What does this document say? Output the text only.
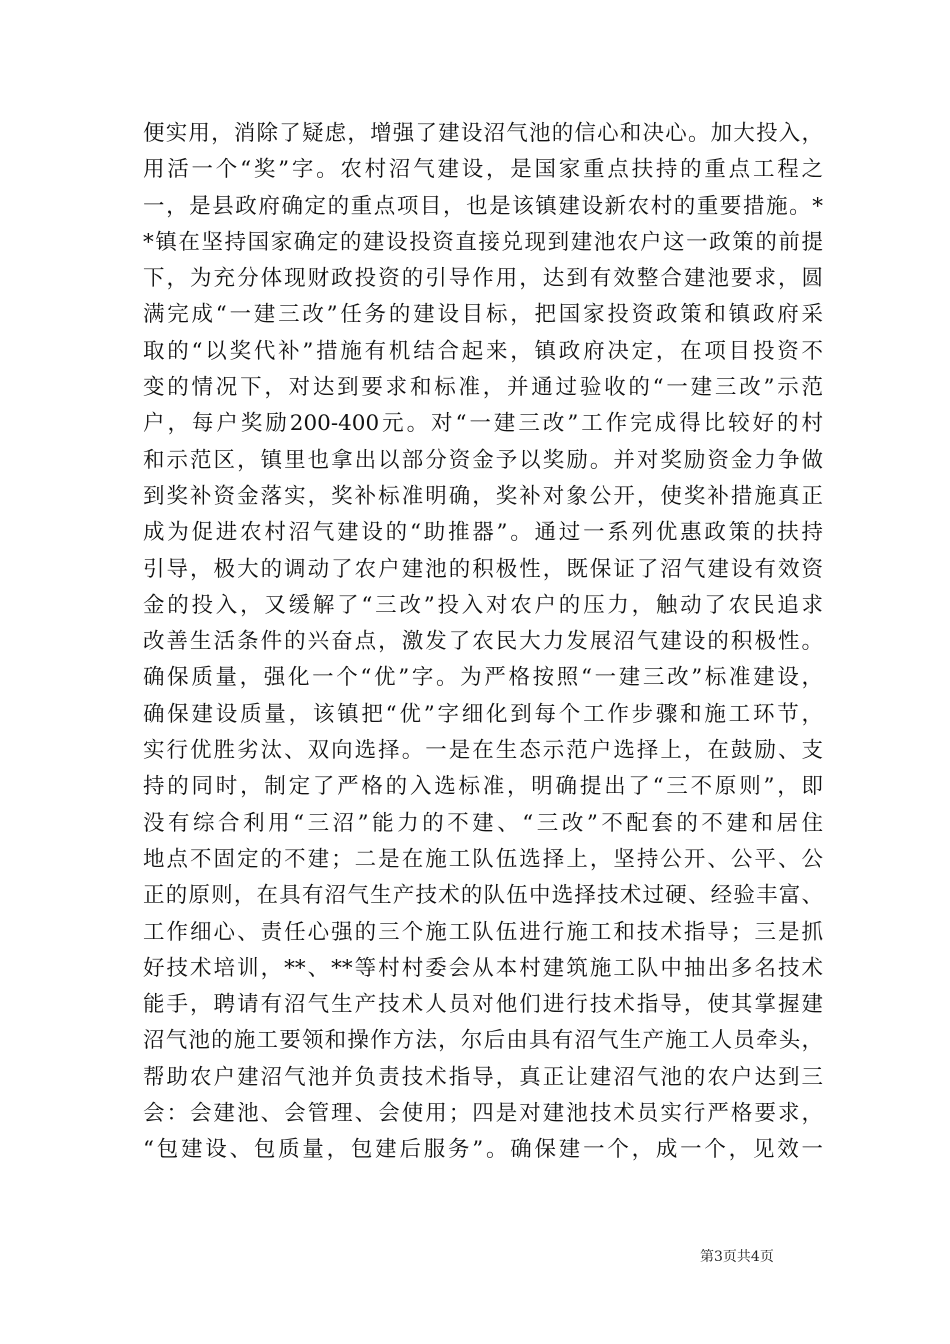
便实用，消除了疑虑，增强了建设沼气池的信心和决心。加大投入，
用活一个“奖”字。农村沼气建设，是国家重点扶持的重点工程之
一，是县政府确定的重点项目，也是该镇建设新农村的重要措施。*
*镇在坚持国家确定的建设投资直接兑现到建池农户这一政策的前提
下，为充分体现财政投资的引导作用，达到有效整合建池要求，圆
满完成“一建三改”任务的建设目标，把国家投资政策和镇政府采
取的“以奖代补”措施有机结合起来，镇政府决定，在项目投资不
变的情况下，对达到要求和标准，并通过验收的“一建三改”示范
户，每户奖励200-400元。对“一建三改”工作完成得比较好的村
和示范区，镇里也拿出以部分资金予以奖励。并对奖励资金力争做
到奖补资金落实，奖补标准明确，奖补对象公开，使奖补措施真正
成为促进农村沼气建设的“助推器”。通过一系列优惠政策的扶持
引导，极大的调动了农户建池的积极性，既保证了沼气建设有效资
金的投入，又缓解了“三改”投入对农户的压力，触动了农民追求
改善生活条件的兴奋点，激发了农民大力发展沼气建设的积极性。
确保质量，强化一个“优”字。为严格按照“一建三改”标准建设，
确保建设质量，该镇把“优”字细化到每个工作步骤和施工环节，
实行优胜劣汰、双向选择。一是在生态示范户选择上，在鼓励、支
持的同时，制定了严格的入选标准，明确提出了“三不原则”，即
没有综合利用“三沼”能力的不建、“三改”不配套的不建和居住
地点不固定的不建；二是在施工队伍选择上，坚持公开、公平、公
正的原则，在具有沼气生产技术的队伍中选择技术过硬、经验丰富、
工作细心、责任心强的三个施工队伍进行施工和技术指导；三是抓
好技术培训，**、**等村村委会从本村建筑施工队中抽出多名技术
能手，聘请有沼气生产技术人员对他们进行技术指导，使其掌握建
沼气池的施工要领和操作方法，尔后由具有沼气生产施工人员牵头，
帮助农户建沼气池并负责技术指导，真正让建沼气池的农户达到三
会：会建池、会管理、会使用；四是对建池技术员实行严格要求，
“包建设、包质量，包建后服务”。确保建一个，成一个，见效一
第3页共4页
